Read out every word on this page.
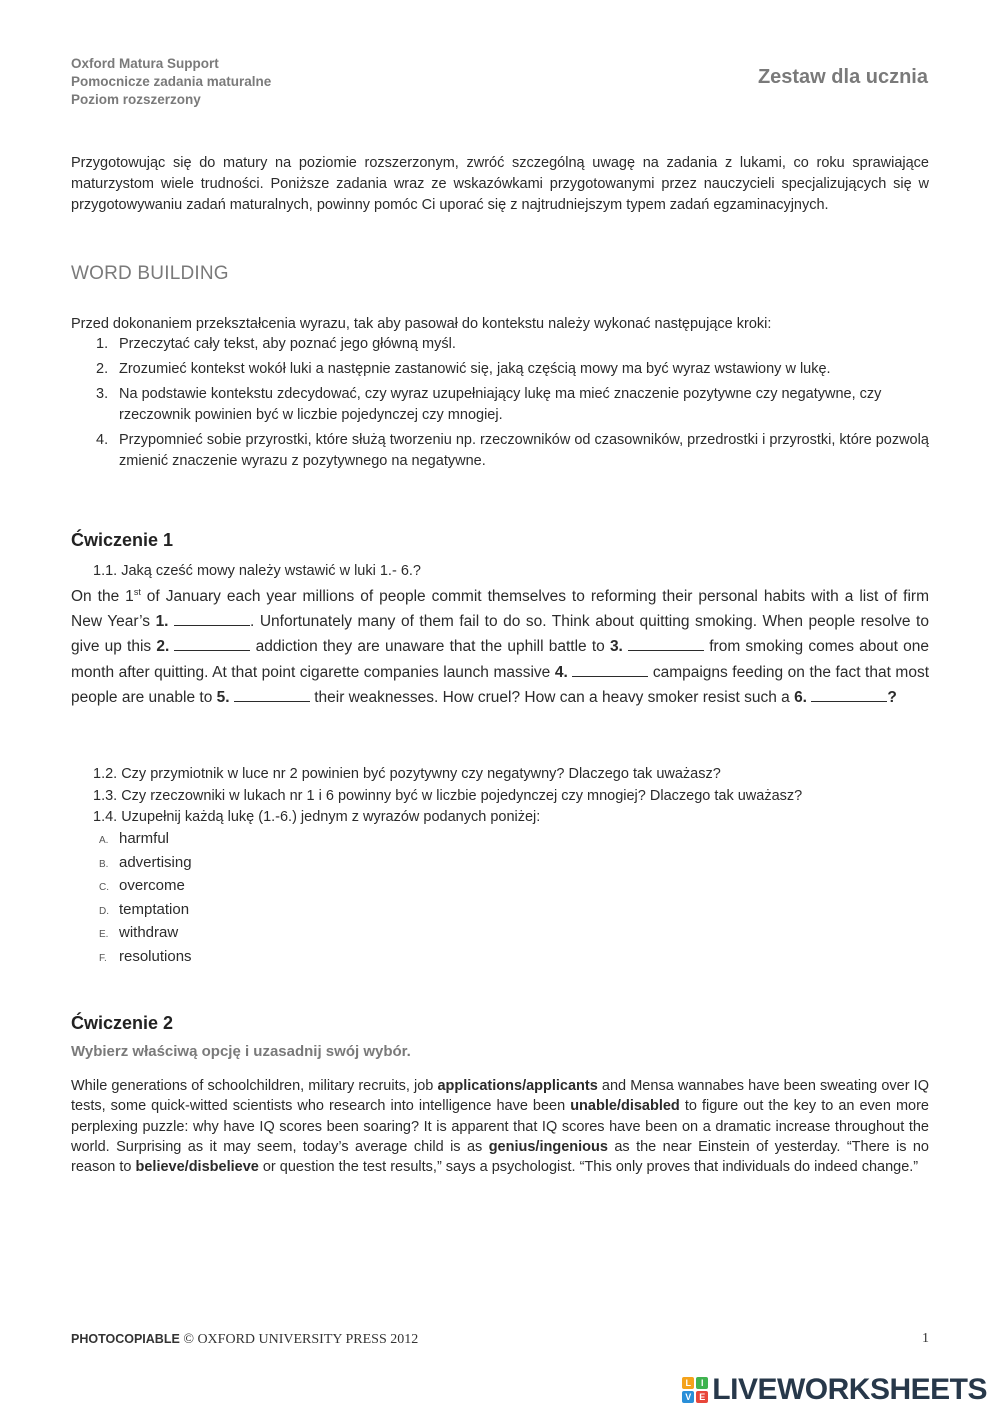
Oxford Matura Support
Pomocnicze zadania maturalne
Poziom rozszerzony
Zestaw dla ucznia

Przygotowując się do matury na poziomie rozszerzonym, zwróć szczególną uwagę na zadania z lukami, co roku sprawiające maturzystom wiele trudności. Poniższe zadania wraz ze wskazówkami przygotowanymi przez nauczycieli specjalizujących się w przygotowywaniu zadań maturalnych, powinny pomóc Ci uporać się z najtrudniejszym typem zadań egzaminacyjnych.

WORD BUILDING
Przed dokonaniem przekształcenia wyrazu, tak aby pasował do kontekstu należy wykonać następujące kroki:
1. Przeczytać cały tekst, aby poznać jego główną myśl.
2. Zrozumieć kontekst wokół luki a następnie zastanowić się, jaką częścią mowy ma być wyraz wstawiony w lukę.
3. Na podstawie kontekstu zdecydować, czy wyraz uzupełniający lukę ma mieć znaczenie pozytywne czy negatywne, czy rzeczownik powinien być w liczbie pojedynczej czy mnogiej.
4. Przypomnieć sobie przyrostki, które służą tworzeniu np. rzeczowników od czasowników, przedrostki i przyrostki, które pozwolą zmienić znaczenie wyrazu z pozytywnego na negatywne.
Ćwiczenie 1
1.1. Jaką cześć mowy należy wstawić w luki 1.- 6.?

On the 1st of January each year millions of people commit themselves to reforming their personal habits with a list of firm New Year’s 1.	. Unfortunately many of them fail to do so. Think about quitting smoking. When people resolve to give up this 2.	addiction they are unaware that the uphill battle to 3.	from smoking comes about one month after quitting. At that point cigarette companies launch massive 4.	campaigns feeding on the fact that most people are unable to 5.	their weaknesses. How cruel? How can a heavy smoker resist such a 6.	?

1.2. Czy przymiotnik w luce nr 2 powinien być pozytywny czy negatywny? Dlaczego tak uważasz?
1.3. Czy rzeczowniki w lukach nr 1 i 6 powinny być w liczbie pojedynczej czy mnogiej? Dlaczego tak uważasz?
1.4. Uzupełnij każdą lukę (1.-6.) jednym z wyrazów podanych poniżej:
A. harmful
B. advertising
C. overcome
D. temptation
E. withdraw
F. resolutions
Ćwiczenie 2
Wybierz właściwą opcję i uzasadnij swój wybór.

While generations of schoolchildren, military recruits, job applications/applicants and Mensa wannabes have been sweating over IQ tests, some quick-witted scientists who research into intelligence have been unable/disabled to figure out the key to an even more perplexing puzzle: why have IQ scores been soaring? It is apparent that IQ scores have been on a dramatic increase throughout the world. Surprising as it may seem, today’s average child is as genius/ingenious as the near Einstein of yesterday. “There is no reason to believe/disbelieve or question the test results,” says a psychologist. “This only proves that individuals do indeed change.”

PHOTOCOPIABLE © OXFORD UNIVERSITY PRESS 2012	1
L	I
V E LIVEWORKSHEETS
